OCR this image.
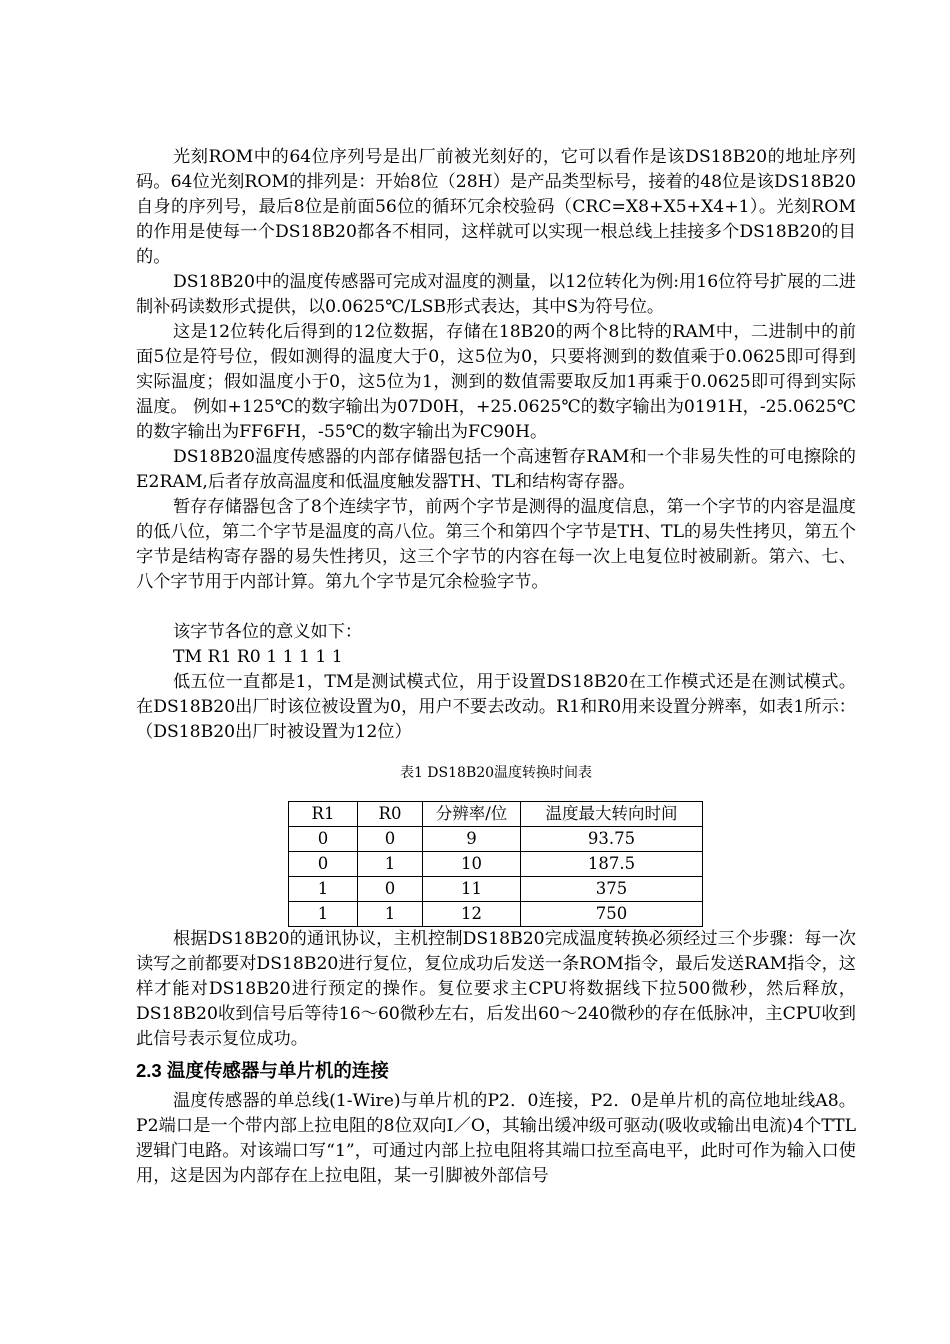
光刻ROM中的64位序列号是出厂前被光刻好的，它可以看作是该DS18B20的地址序列码。64位光刻ROM的排列是：开始8位（28H）是产品类型标号，接着的48位是该DS18B20自身的序列号，最后8位是前面56位的循环冗余校验码（CRC=X8+X5+X4+1）。光刻ROM的作用是使每一个DS18B20都各不相同，这样就可以实现一根总线上挂接多个DS18B20的目的。

DS18B20中的温度传感器可完成对温度的测量，以12位转化为例:用16位符号扩展的二进制补码读数形式提供，以0.0625℃/LSB形式表达，其中S为符号位。

这是12位转化后得到的12位数据，存储在18B20的两个8比特的RAM中，二进制中的前面5位是符号位，假如测得的温度大于0，这5位为0，只要将测到的数值乘于0.0625即可得到实际温度；假如温度小于0，这5位为1，测到的数值需要取反加1再乘于0.0625即可得到实际温度。 例如+125℃的数字输出为07D0H，+25.0625℃的数字输出为0191H，-25.0625℃的数字输出为FF6FH，-55℃的数字输出为FC90H。

DS18B20温度传感器的内部存储器包括一个高速暂存RAM和一个非易失性的可电擦除的E2RAM,后者存放高温度和低温度触发器TH、TL和结构寄存器。

暂存存储器包含了8个连续字节，前两个字节是测得的温度信息，第一个字节的内容是温度的低八位，第二个字节是温度的高八位。第三个和第四个字节是TH、TL的易失性拷贝，第五个字节是结构寄存器的易失性拷贝，这三个字节的内容在每一次上电复位时被刷新。第六、七、八个字节用于内部计算。第九个字节是冗余检验字节。

该字节各位的意义如下：

TM R1 R0 1 1 1 1 1

低五位一直都是1，TM是测试模式位，用于设置DS18B20在工作模式还是在测试模式。在DS18B20出厂时该位被设置为0，用户不要去改动。R1和R0用来设置分辨率，如表1所示：（DS18B20出厂时被设置为12位）

表1 DS18B20温度转换时间表

R1	R0	分辨率/位	温度最大转向时间
0	0	9	93.75
0	1	10	187.5
1	0	11	375
1	1	12	750

根据DS18B20的通讯协议，主机控制DS18B20完成温度转换必须经过三个步骤：每一次读写之前都要对DS18B20进行复位，复位成功后发送一条ROM指令，最后发送RAM指令，这样才能对DS18B20进行预定的操作。复位要求主CPU将数据线下拉500微秒，然后释放，DS18B20收到信号后等待16～60微秒左右，后发出60～240微秒的存在低脉冲，主CPU收到此信号表示复位成功。

2.3 温度传感器与单片机的连接

温度传感器的单总线(1-Wire)与单片机的P2．0连接，P2．0是单片机的高位地址线A8。P2端口是一个带内部上拉电阻的8位双向I／O，其输出缓冲级可驱动(吸收或输出电流)4个TTL逻辑门电路。对该端口写“1”，可通过内部上拉电阻将其端口拉至高电平，此时可作为输入口使用，这是因为内部存在上拉电阻，某一引脚被外部信号
